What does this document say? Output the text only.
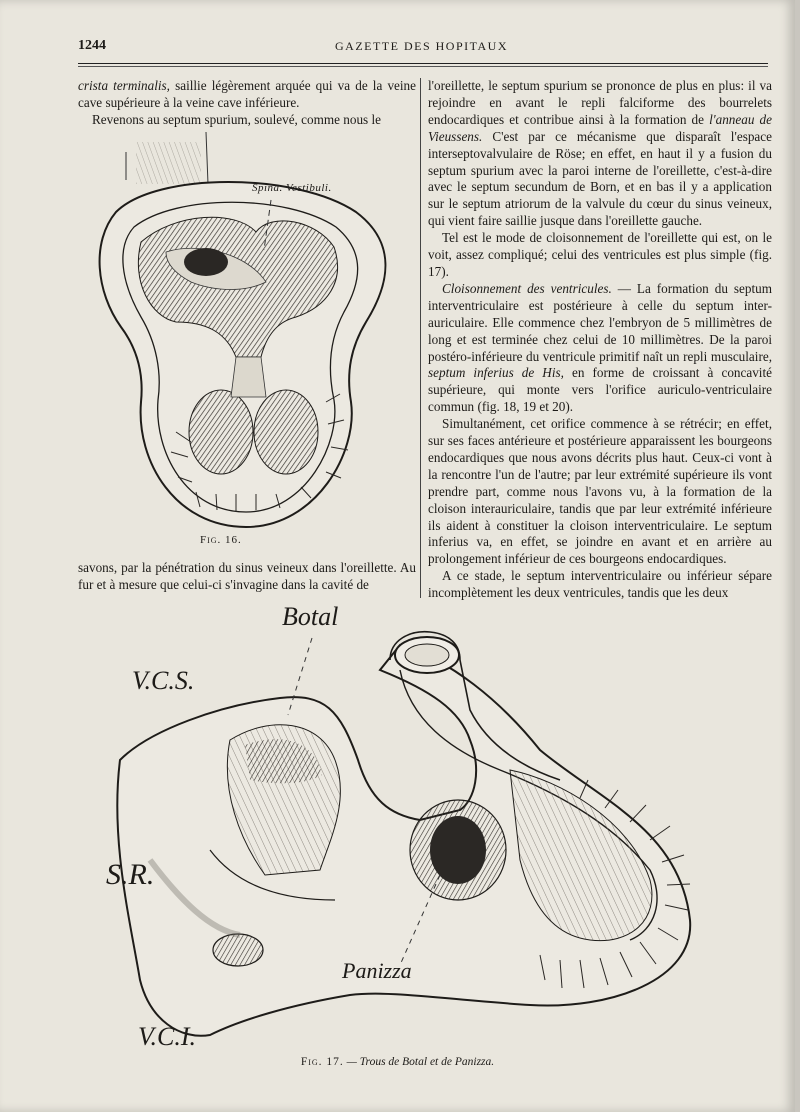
1244	GAZETTE DES HOPITAUX

crista terminalis, saillie légèrement arquée qui va de la veine cave supérieure à la veine cave inférieure.

Revenons au septum spurium, soulevé, comme nous le

Spina. Vestibuli.
Fig. 16.

savons, par la pénétration du sinus veineux dans l'oreillette. Au fur et à mesure que celui-ci s'invagine dans la cavité de

l'oreillette, le septum spurium se prononce de plus en plus: il va rejoindre en avant le repli falciforme des bourrelets endocardiques et contribue ainsi à la formation de l'anneau de Vieussens. C'est par ce mécanisme que disparaît l'espace interseptovalvulaire de Röse; en effet, en haut il y a fusion du septum spurium avec la paroi interne de l'oreillette, c'est-à-dire avec le septum secundum de Born, et en bas il y a application sur le septum atriorum de la valvule du cœur du sinus veineux, qui vient faire saillie jusque dans l'oreillette gauche.

Tel est le mode de cloisonnement de l'oreillette qui est, on le voit, assez compliqué; celui des ventricules est plus simple (fig. 17).

Cloisonnement des ventricules. — La formation du septum interventriculaire est postérieure à celle du septum inter-auriculaire. Elle commence chez l'embryon de 5 millimètres de long et est terminée chez celui de 10 millimètres. De la paroi postéro-inférieure du ventricule primitif naît un repli musculaire, septum inferius de His, en forme de croissant à concavité supérieure, qui monte vers l'orifice auriculo-ventriculaire commun (fig. 18, 19 et 20).

Simultanément, cet orifice commence à se rétrécir; en effet, sur ses faces antérieure et postérieure apparaissent les bourgeons endocardiques que nous avons décrits plus haut. Ceux-ci vont à la rencontre l'un de l'autre; par leur extrémité supérieure ils vont prendre part, comme nous l'avons vu, à la formation de la cloison interauriculaire, tandis que par leur extrémité inférieure ils aident à constituer la cloison interventriculaire. Le septum inferius va, en effet, se joindre en avant et en arrière au prolongement inférieur de ces bourgeons endocardiques.

A ce stade, le septum interventriculaire ou inférieur sépare incomplètement les deux ventricules, tandis que les deux

Botal
V.C.S.
S.R.
Panizza
V.C.I.
Fig. 17. — Trous de Botal et de Panizza.
